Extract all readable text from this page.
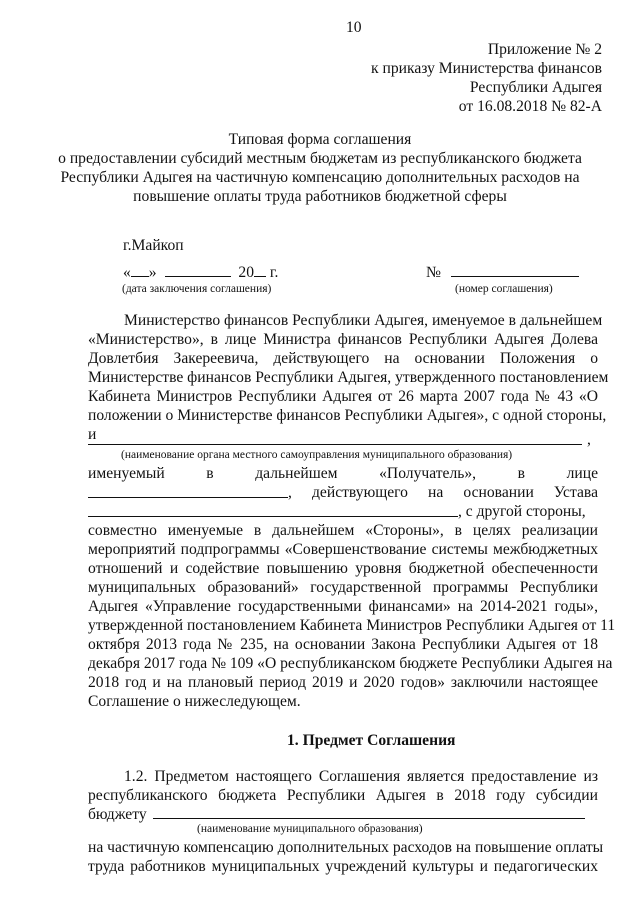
10
Приложение № 2
к приказу Министерства финансов
Республики Адыгея
от 16.08.2018 № 82-А
Типовая форма соглашения
о предоставлении субсидий местным бюджетам из республиканского бюджета
Республики Адыгея на частичную компенсацию дополнительных расходов на
повышение оплаты труда работников бюджетной сферы
г.Майкоп
« »	20 г.
(дата заключения соглашения)
№
(номер соглашения)
Министерство финансов Республики Адыгея, именуемое в дальнейшем
«Министерство», в лице Министра финансов Республики Адыгея Долева
Довлетбия Закереевича, действующего на основании Положения о
Министерстве финансов Республики Адыгея, утвержденного постановлением
Кабинета Министров Республики Адыгея от 26 марта 2007 года № 43 «О
положении о Министерстве финансов Республики Адыгея», с одной стороны,
и	,
(наименование органа местного самоуправления муниципального образования)
именуемый в дальнейшем «Получатель», в лице
, действующего на основании Устава
, с другой стороны,
совместно именуемые в дальнейшем «Стороны», в целях реализации
мероприятий подпрограммы «Совершенствование системы межбюджетных
отношений и содействие повышению уровня бюджетной обеспеченности
муниципальных образований» государственной программы Республики
Адыгея «Управление государственными финансами» на 2014-2021 годы»,
утвержденной постановлением Кабинета Министров Республики Адыгея от 11
октября 2013 года № 235, на основании Закона Республики Адыгея от 18
декабря 2017 года № 109 «О республиканском бюджете Республики Адыгея на
2018 год и на плановый период 2019 и 2020 годов» заключили настоящее
Соглашение о нижеследующем.
1. Предмет Соглашения
1.2. Предметом настоящего Соглашения является предоставление из
республиканского бюджета Республики Адыгея в 2018 году субсидии
бюджету
(наименование муниципального образования)
на частичную компенсацию дополнительных расходов на повышение оплаты
труда работников муниципальных учреждений культуры и педагогических
